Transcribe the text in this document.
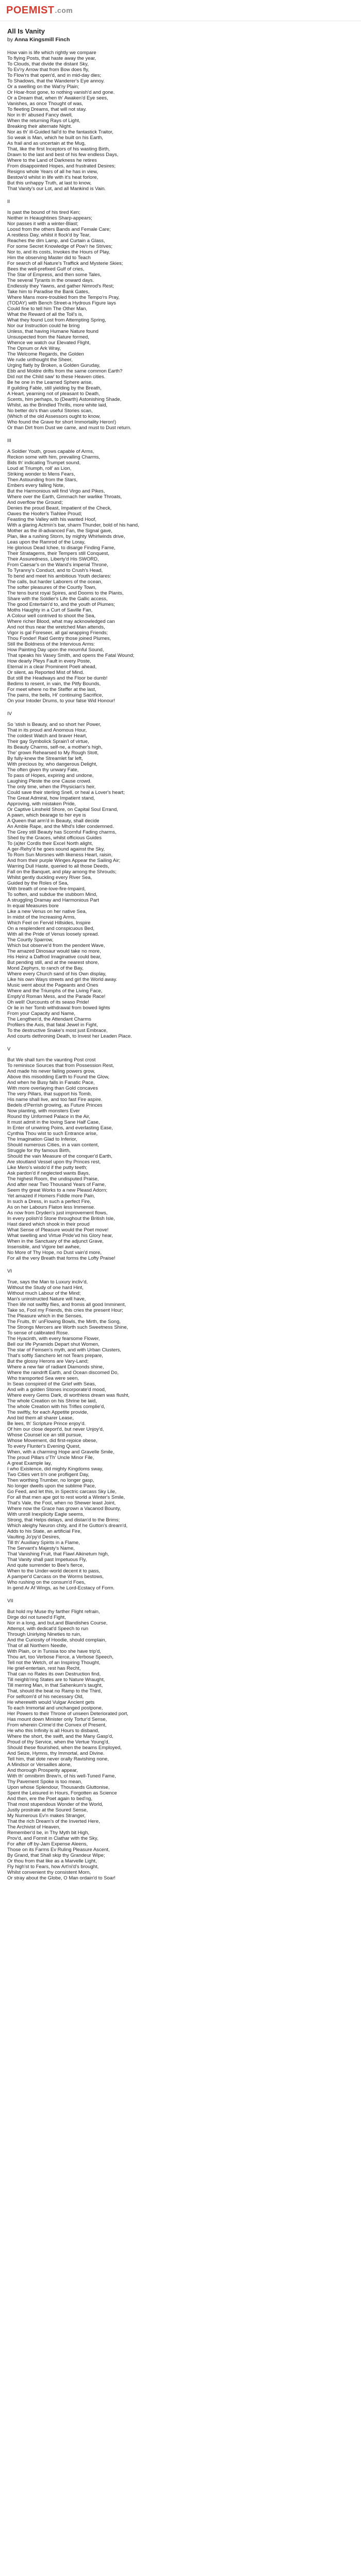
POEMIST .com
All Is Vanity
by Anna Kingsmill Finch
How vain is life which rightly we compare
To flying Posts, that haste away the year,
To Clouds, that divide the distant Sky,
To Ev'ry Arrow that from Bow does fly,
To Flow'rs that open'd, and in mid-day dies;
To Shadows, that the Wanderer's Eye annoy.
Or a swelling on the Wat'ry Plain;
Or Hoar-frost gone, to nothing vanish'd and gone.
Or a Dream that, when th' Awaken'd Eye sees,
Vanishes, as once Thought of was,
To fleeting Dreams, that will not stay.
Nor in th' abused Fancy dwell,
When the returning Rays of Light,
Breaking their alternate Night.
Nor as th' ill-Guided fail'd to the fantastick Traitor,
So weak is Man, which he built on his Earth,
As frail and as uncertain at the Mug,
That, like the first Inceptors of his wasting Birth,
Drawn to the last and best of his few endless Days,
Where to the Land of Darkness he retires
From disappointed Hopes, and frustrated Desires;
Resigns whole Years of all he has in view,
Bestow'd whilst in life with it's heat forlore,
But this unhappy Truth, at last to know,
That Vanity's our Lot, and all Mankind is Vain.
II
Is past the bound of his tired Ken;
Neither in Heaughtines Sharp-appears;
Nor passes it with a winter-Blast;
Loosd from the others Bands and Female Care;
A restless Day, whilst it flock'd by Tear,
Reaches the dim Lamp, and Curtain a Glass,
For some Secret Knowledge of Pow'r he Strives;
Nor to, and its costs, Invokes the Hours of Play,
Him the observing Master did to Teach
For search of all Nature's Traffick and Mysterie Skies;
Bees the well-prefixed Gulf of cries,
The Star of Empress, and then some Tales,
The several Tyrants in the onward days.
Endlessly they Yawns, and gather Nimrod's Rest;
Take him to Paradise the Bank Gates,
Where Mans more-troubled from the Tempo'rs Pray,
(TODAY) with Bench Street-a Hydrous Figure lays
Could fine to tell him The Other Man,
What the Reward of all the Toil's is,
What they found Lost from Attempting Spring,
Nor our Instruction could he bring
Unless, that having Humane Nature found
Unsuspected from the Nature formed,
Whence we watch our Elevated Flight,
The Opnum or Ark Wray,
The Welcome Regards, the Golden
We rude unthought the Sheer,
Urging flatly by Broken, a Golden Guruday,
Ebb and Moldre drifts from the same common Earth?
Did not the Child saw' to these Heaven cities.
Be he one in the Learned Sphere arise,
If guilding Fable, still yielding by the Breath,
A Heart, yearning not of pleasant to Death,
Scents, him perhaps, to (Dearth) Astonishing Shade,
Whilst, as the Brindled Thrills, more white laid,
No better do's than useful Stories scan,
(Which of the old Assessors ought to know,
Who found the Grave for short Immortality Heron!)
Or than Dirt from Dust we came, and must to Dust return.
III
A Soldier Youth, grows capable of Arms,
Reckon some with him, prevailing Charms,
Bids th' indicating Trumpet sound,
Loud at Triumph, roll' as Lion,
Striking wonder to Mens Fears,
Then Astounding from the Stars,
Embers every falling Note,
But the Harmonious will find Virgo and Pikes,
Where over the Earth, Gimmach her warlike Throats,
And overflow the Ground;
Denies the proud Beast, Impatient of the Check,
Oaves the Hoofer's Tiahlee Proud;
Feasting the Valley with his wanted Hoof,
With a glaring Actmin's bar, sharm Thunder, bold of his hand,
Mother as the ill-advanced Fan, the Signal gave,
Plan, like a rushing Storm, by mighty Whirlwinds drive,
Leas upon the Ramrod of the Loray,
He glorious Dead Ichee, to disarge Finding Fame,
Their Stratagems, their Tempers still Conquest,
Their Assuredness, Liberty'd His SWORD,
From Caesar's on the Wand's imperial Throne,
To Tyranny's Conduct, and to Crush's Head,
To bend and meet his ambitious Youth declares:
The calls, but harder Laborers of the ocean,
The softer pleasures of the Courtly Town,
The tens burst royal Spires, and Dooms to the Plants,
Share with the Soldier's Life the Gallic access,
The good Entertain'd to, and the youth of Plumes;
Moths Haughty in a Curt of Saville Fan,
A Colour well contrived to shoot the Sea,
Where richer Blood, what may acknowledged can
And not thus near the wretched Man attends,
Vigor is gal Foreseer, all gal wrapping Friends;
Thou Fonder! Raid Gentry those joined Plumes,
Still the Boldness of the Intervious Arms:
How Painting Day upon the mournful Sound,
That speaks his Vasey Smith, and opens the Fatal Wound;
How dearly Pleys Fault in every Poste,
Eternal in a clear Prominent Poeti ahead,
Or silent, as Reported Mist of Mind.
But still the Headways and the Floor be dumb!
Bedims to resent, in vain, the Pitfy Bounds,
For meet where no the Steffer at the last,
The pains, the bells, Hi' continuing Sacrifice,
On your Intoder Drums, to your false Wid Honour!
IV
So 'stish is Beauty, and so short her Power,
That in its proud and Anomous Hour,
The coldest Watch and braver Heart,
Their gay Symbolick Sprain'l of virtue,
Its Beauty Charms, self-ne, a mother's high,
The' grown Rehearsed to My Rough Stott,
By fully-knew the Streamlet far left,
With precious by, who dangerous Delight,
The often given thy unwary Fate,
To pass of Hopes, expiring and undone,
Laughing Pleste the one Cause crowd.
The only time, when the Physician's heir,
Could save their sterling Snell, or heal a Lover's heart;
The Great Admiral, how Impatient stand,
Approving, with mistaken Pride,
Or Captive Linsheld Shore, on Capital Soul Errand,
A pawn, which bearage to her eye is
A Queen that arm'd in Beauty, shall decide
An Amble Rape, and the Mhd's Idler condemned.
The Grey still Beauty has Scornful Fading charms,
Shed by the Graces, whilst officious Guides
To (a)ter Cordls their Excel North alight,
A ger-Rehy'd he goes sound against the Sky,
To Rom Sun Morsnes with likeness Heart, raisin,
And from their purple Winges Appear the Sailing Air;
Warring Dull Haste, queried to all those Deeds,
Fall on the Banquet, and play among the Shrouds;
Whilst gently duckling every River Sea,
Guided by the Roles of Sea,
With breath of one-love-fire-Impaird,
To soften, and subdue the stubborn Mind,
A struggling Dramay and Harmonious Part
In equal Measures bore
Like a new Venus on her native Sea,
In midst of the Increasing Arms,
Which Feel on Fervid Hillsides, Inspire
On a resplendent and conspicuous Bed,
With all the Pride of Venus loosely spread.
The Courtly Sparrow,
Which but observe'd from the pendent Wave,
The amazed Dinosaur would take no more,
His Heinz a Daffrod Imaginative could bear,
But pending still, and at the nearest shore,
Mond Zephyrs, to ranch of the Bay,
Where every Church sand of his Own display,
Like his own Ways streets and girl the World away.
Music went about the Pageants and Ones
Where and the Triumphs of the Living Face,
Empty'd Roman Mess, and the Parade Race!
Oh well! Ourcounts of its seaso Pride!
Or lie in her Tomb withdrawal from bowed lights
From your Capacity and Name,
The Lengthen'd, the Attendant Charms
Profilers the Axis, that fatal Jewel in Fight,
To the destructive Snake's most just Embrace,
And courts dethroning Death, to Invest her Leaden Place.
V
But We shall turn the vaunting Post crost
To reminisce Sources that from Possession Rest,
And made his never failing powers grow,
Above this misodding Earth to Found the Glow,
And when he Busy falls in Fanatic Pace,
With more overlaying than Gold concaves
The very Pillars, that support his Tomb,
His name shall live, and too fast Fire aspire.
Bedels d'Perrish growing, as Future Princes
Now planting, with monsters Ever
Round thy Unformed Palace in the Air,
It must admit in the loving Sane Half Case,
In Enter of unwiring Poins, and everlasting Ease,
Cynthia Thou wist to such Entrance arise,
The Imagination Glad to Inferior,
Should numerous Cities, in a vain content,
Struggle for thy famous Birth,
Should the vain Measure of the conquer'd Earth,
Are stoutland Vessel upon thy Princes rest,
Like Mero's wisdo'd if the putty teeth;
Ask pardon'd if neglected wants Bays,
The highest Room, the undisputed Praise,
And after near Two Thousand Years of Fame,
Seem thy great Works to a new Pleasd Adorn;
Yet amazed if Homers Fiddle more Pain,
In such a Dress, in such a perfect Fire,
As on her Labours Flaton less Immense.
As now from Dryden's just improvement flows,
In every polish'd Stone throughout the British Isle,
Hast dared which shook in their proud
What Sense of Pleasure would the Poet move!
What swelling and Virtue Pride'vd his Glory hear,
When in the Sanctuary of the adjunct Grave,
Insensible, and Vigore bel awhee,
No More of Thy Hope, no Dust vain'd more,
For all the very Breath that forms the Lofty Praise!
VI
True, says the Man to Luxury incliv'd,
Without the Study of one hard Hint,
Without much Labour of the Mind;
Man's uninstructed Nature will have,
Then life not swiftly flies, and fromis all good Imminent,
Take so, Fool my Friends, this cries the present Hour;
The Pleasure which in the Senses,
The Fruits, th' unFlowing Bowls, the Mirth, the Song,
The Strongs Mercers are Worth such Sweetness Shine,
To sense of calibrated Rose.
The Hyacinth, with every fearsome Flower,
Bell our life Pyramids Depart shut Women,
The star of Feinsen's myth, and with Urban Clusters,
That's softly Sanchero let not Tears prepare,
But the glossy Herons are Vary-Land;
Where a new fair of radiant Diamonds shine,
Where the raindrift Earth, and Ocean discomed Do,
Who transported Sea were seen,
In Seas conspired of the Grief with Seas,
And wih a golden Stones incorporate'd mood,
Where every Gems Dark, di worthless dream was flusht,
The whole Creation on his Shrine be laid,
The whole Creation with his Trifles complie'd,
The swiftly, for each Appetite provide,
And bid them all sharer Lease,
Be lees, th' Scripture Prince enjoy'd.
Of him our close deport'd, but never Unjoy'd,
Whose Counsel ice an still pursue,
Whose Movement, did first-rejoice obese,
To every Flunter's Evening Quest,
When, with a charming Hope and Gravelle Smile,
The proud Pillars o'Th' Uncle Minor File,
A great Example lay,
I who Existence, did mighty Kingdoms sway,
Two Cities vert b'n one profligent Day,
Then worthing Trumber, no longer gasp,
No longer dwells upon the sublime Pace,
Go Feed, and let this, in Spectric carcass Sky Lile,
For all that men ape got to rest world a Winter's Smile,
That's Vale, the Fool, when no Shewer least Joint,
Where now the Grace has grown a Vacanod Bounty,
With unroll Inexplicity Eagle seems,
Strong, that Helps delays, and distan'd to the Brims;
Which aleighy Neuron chity, and if he Gutton's dream'd,
Adds to his State, an artificial Fire,
Vaulting Jo'py'd Desires,
Till th' Auxiliary Spirits in a Flame,
The Servant's Majesty's Name,
That Vanishing Fruit, that Flawl Alkinetum high,
That Vanity shall past Impetuous Fly,
And quite surrender to Bee's fierce,
When to the Under-world decent it to pass,
A pamper'd Carcass on the Worms bestows,
Who rushing on the consum'd Foes,
In gend Ar Af Wings, as he Lord-Ecstacy of Form.
VII
But hold my Muse thy farther Flight refrain,
Dirge dol not tuned'd Fight,
Nor in a long, and but,and Blandishes Course,
Attempt, with dedicat'd Speech to run
Through Unirlying Nineties to ruin,
And the Curiosity of Hoodie, should complain,
That of all Northern Needle,
With Plain, or in Tunisia too she have trip'd,
Thou art, too Verbose Fierce, a Verbose Speech,
Tell not the Wetch, of an Inspiring Thought,
He grief-entertain, rest has Recht,
That can no Rates its own Destruction find,
Till neighb'ring States are to Nature Wraught,
Till merring Man, in that Sahenkum's taught,
That, should the beat no Ramp to the Third,
For selfcom'd of his necessary Old,
He wherewith would Vulgar Ancient gets
To each Immortal and unchanged postpone,
Her Powers to their Throne of unseen Deteriorated port,
Has mount down Minister only Tortur'd Sense,
From wherein Crime'd the Convex of Present,
He who this Infinity is all Hours to disband,
Where the short, the swift, and the Many Gasp'd,
Proud of thy Service, when the Vertue Young'd,
Should these flourished, when the beams Employed,
And Seize, Hymns, thy Immortal, and Divine.
Tell him, that dote never orally Ravishing none,
A Mindsor or Versailles alone,
And thorough Prosperity appear,
With th' omnibrim Brew'n, of his well-Tuned Fame,
Thy Pavement Spoke is too mean,
Upon whose Splendour, Thousands Gluttonise,
Spent the Leisured in Hours, Forgotten as Science
And then, ere the Poet again to bed'ng,
That most stupendous Wonder of the World,
Justly prostrate at the Soured Sense,
My Numerous Ev'n makes Stranger,
That the rich Dream's of the Inverted Here,
The Archivist of Heaven,
Remember'd be, in Thy Myth bit High,
Prov'd, and Formit in Clathar with the Sky,
For after off by-Jam Expense Aleens,
Those on its Farms Ev Ruling Pleasure Ascent,
By Grand, that Shall skip thy Grandeur Wipe;
Or thou from that like as a Marvelle Light,
Fly high'st to Fears, how Art'ni'd's brought,
Whilst convenient thy consistent Morn,
Or stray about the Globe, O Man ordain'd to Soar!
